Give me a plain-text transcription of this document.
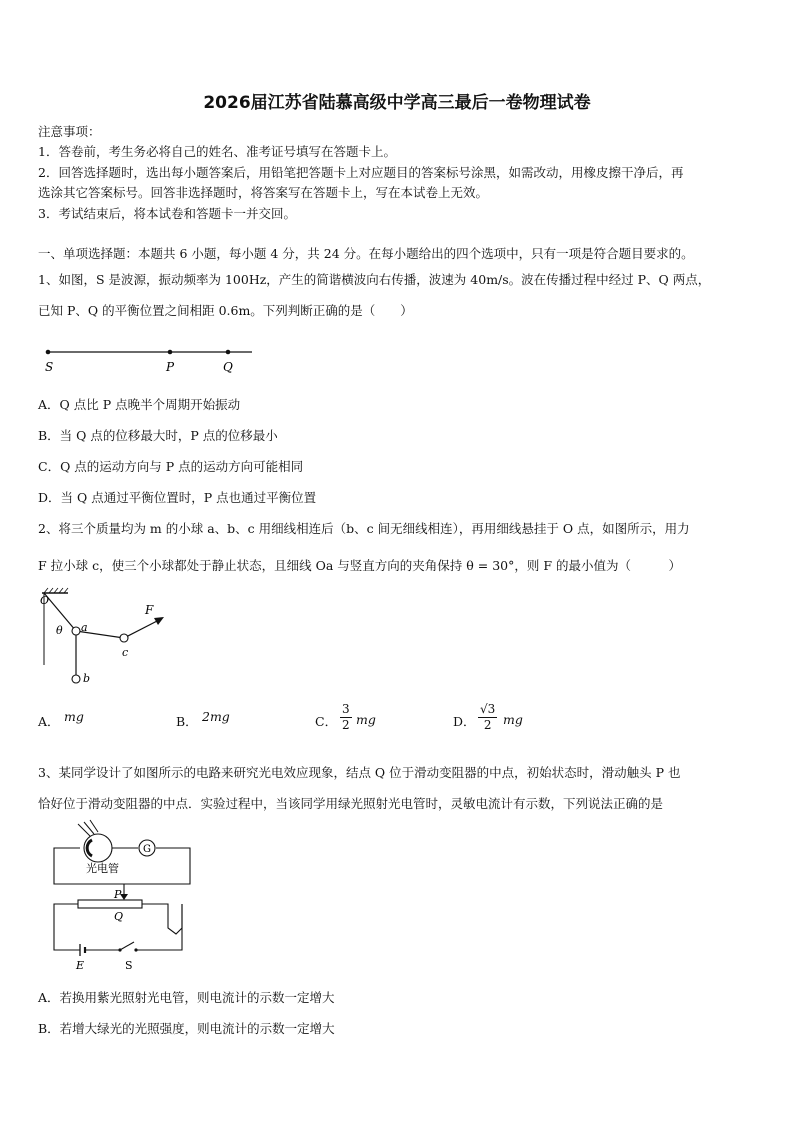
2026届江苏省陆慕高级中学高三最后一卷物理试卷
注意事项：
1．答卷前，考生务必将自己的姓名、准考证号填写在答题卡上。
2．回答选择题时，选出每小题答案后，用铅笔把答题卡上对应题目的答案标号涂黑，如需改动，用橡皮擦干净后，再
选涂其它答案标号。回答非选择题时，将答案写在答题卡上，写在本试卷上无效。
3．考试结束后，将本试卷和答题卡一并交回。
一、单项选择题：本题共 6 小题，每小题 4 分，共 24 分。在每小题给出的四个选项中，只有一项是符合题目要求的。
1、如图，S 是波源，振动频率为 100Hz，产生的简谐横波向右传播，波速为 40m/s。波在传播过程中经过 P、Q 两点，
已知 P、Q 的平衡位置之间相距 0.6m。下列判断正确的是（　　）
S	P	Q
A．Q 点比 P 点晚半个周期开始振动
B．当 Q 点的位移最大时，P 点的位移最小
C．Q 点的运动方向与 P 点的运动方向可能相同
D．当 Q 点通过平衡位置时，P 点也通过平衡位置
2、将三个质量均为 m 的小球 a、b、c 用细线相连后（b、c 间无细线相连），再用细线悬挂于 O 点，如图所示，用力
F 拉小球 c，使三个小球都处于静止状态，且细线 Oa 与竖直方向的夹角保持 θ = 30°，则 F 的最小值为（　　　）
O
θ a
b
c
F
A． mg	B． 2mg	C． $\frac{3}{2}$ mg	D． $\frac{√3}{2}$ mg
3、某同学设计了如图所示的电路来研究光电效应现象，结点 Q 位于滑动变阻器的中点，初始状态时，滑动触头 P 也
恰好位于滑动变阻器的中点．实验过程中，当该同学用绿光照射光电管时，灵敏电流计有示数，下列说法正确的是
G
光电管
P
Q
E	S
A．若换用紫光照射光电管，则电流计的示数一定增大
B．若增大绿光的光照强度，则电流计的示数一定增大
